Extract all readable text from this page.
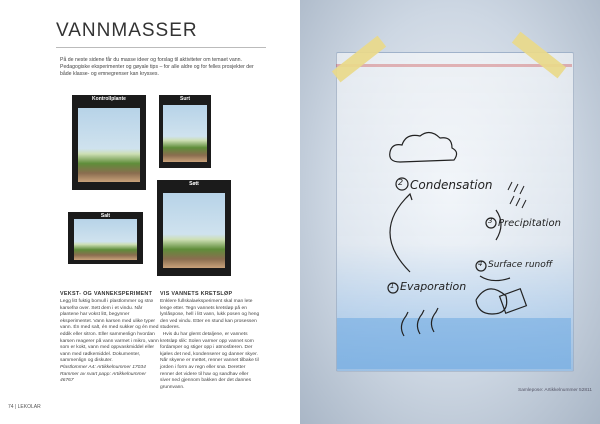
VANNMASSER
På de neste sidene får du masse ideer og forslag til aktiviteter om temaet vann. Pedagogiske eksperimenter og gøyale tips – for alle aldre og for felles prosjekter der både klasse- og emnegrenser kan krysses.
Kontrollplante	Surt
Salt
Søtt
VEKST- OG VANNEKSPERIMENT
Legg litt fuktig bomull i plastlommer og strø karsefrø over. Sett dem i et vindu. Når plantene har vokst litt, begynner eksperimentet. Vann karsen med ulike typer vann. Én med salt, én med sukker og én med eddik eller sitron. Eller sammenlign hvordan karsen reagerer på vann varmet i mikro, vann som er kokt, vann med oppvaskmiddel eller vann med rødkemiddel. Dokumenter, sammenlign og diskuter.
Plastlommer A4: Artikkelnummer 17034
Rammer av svart papp: Artikkelnummer 46767
VIS VANNETS KRETSLØP
Enklere fullskalaeksperiment skal man lete lenge etter. Tegn vannets kretsløp på en lynlåspose, hell i litt vann, lukk posen og heng den ved vindu. Etter en stund kan prosessen studeres.
Hvis du har glemt detaljene, er vannets kretsløp slik: Solen varmer opp vannet som fordamper og stiger opp i atmosfæren. Der kjøles det ned, kondenserer og danner skyer. Når skyene er mettet, renner vannet tilbake til jorden i form av regn eller snø. Deretter renner det videre til hav og sandhav eller siver ned gjennom bakken der det dannes grunnvann.
74 | LEKOLAR
2 Condensation
3 Precipitation
4 Surface runoff
1 Evaporation
Samlepose: Artikkelnummer 52811
